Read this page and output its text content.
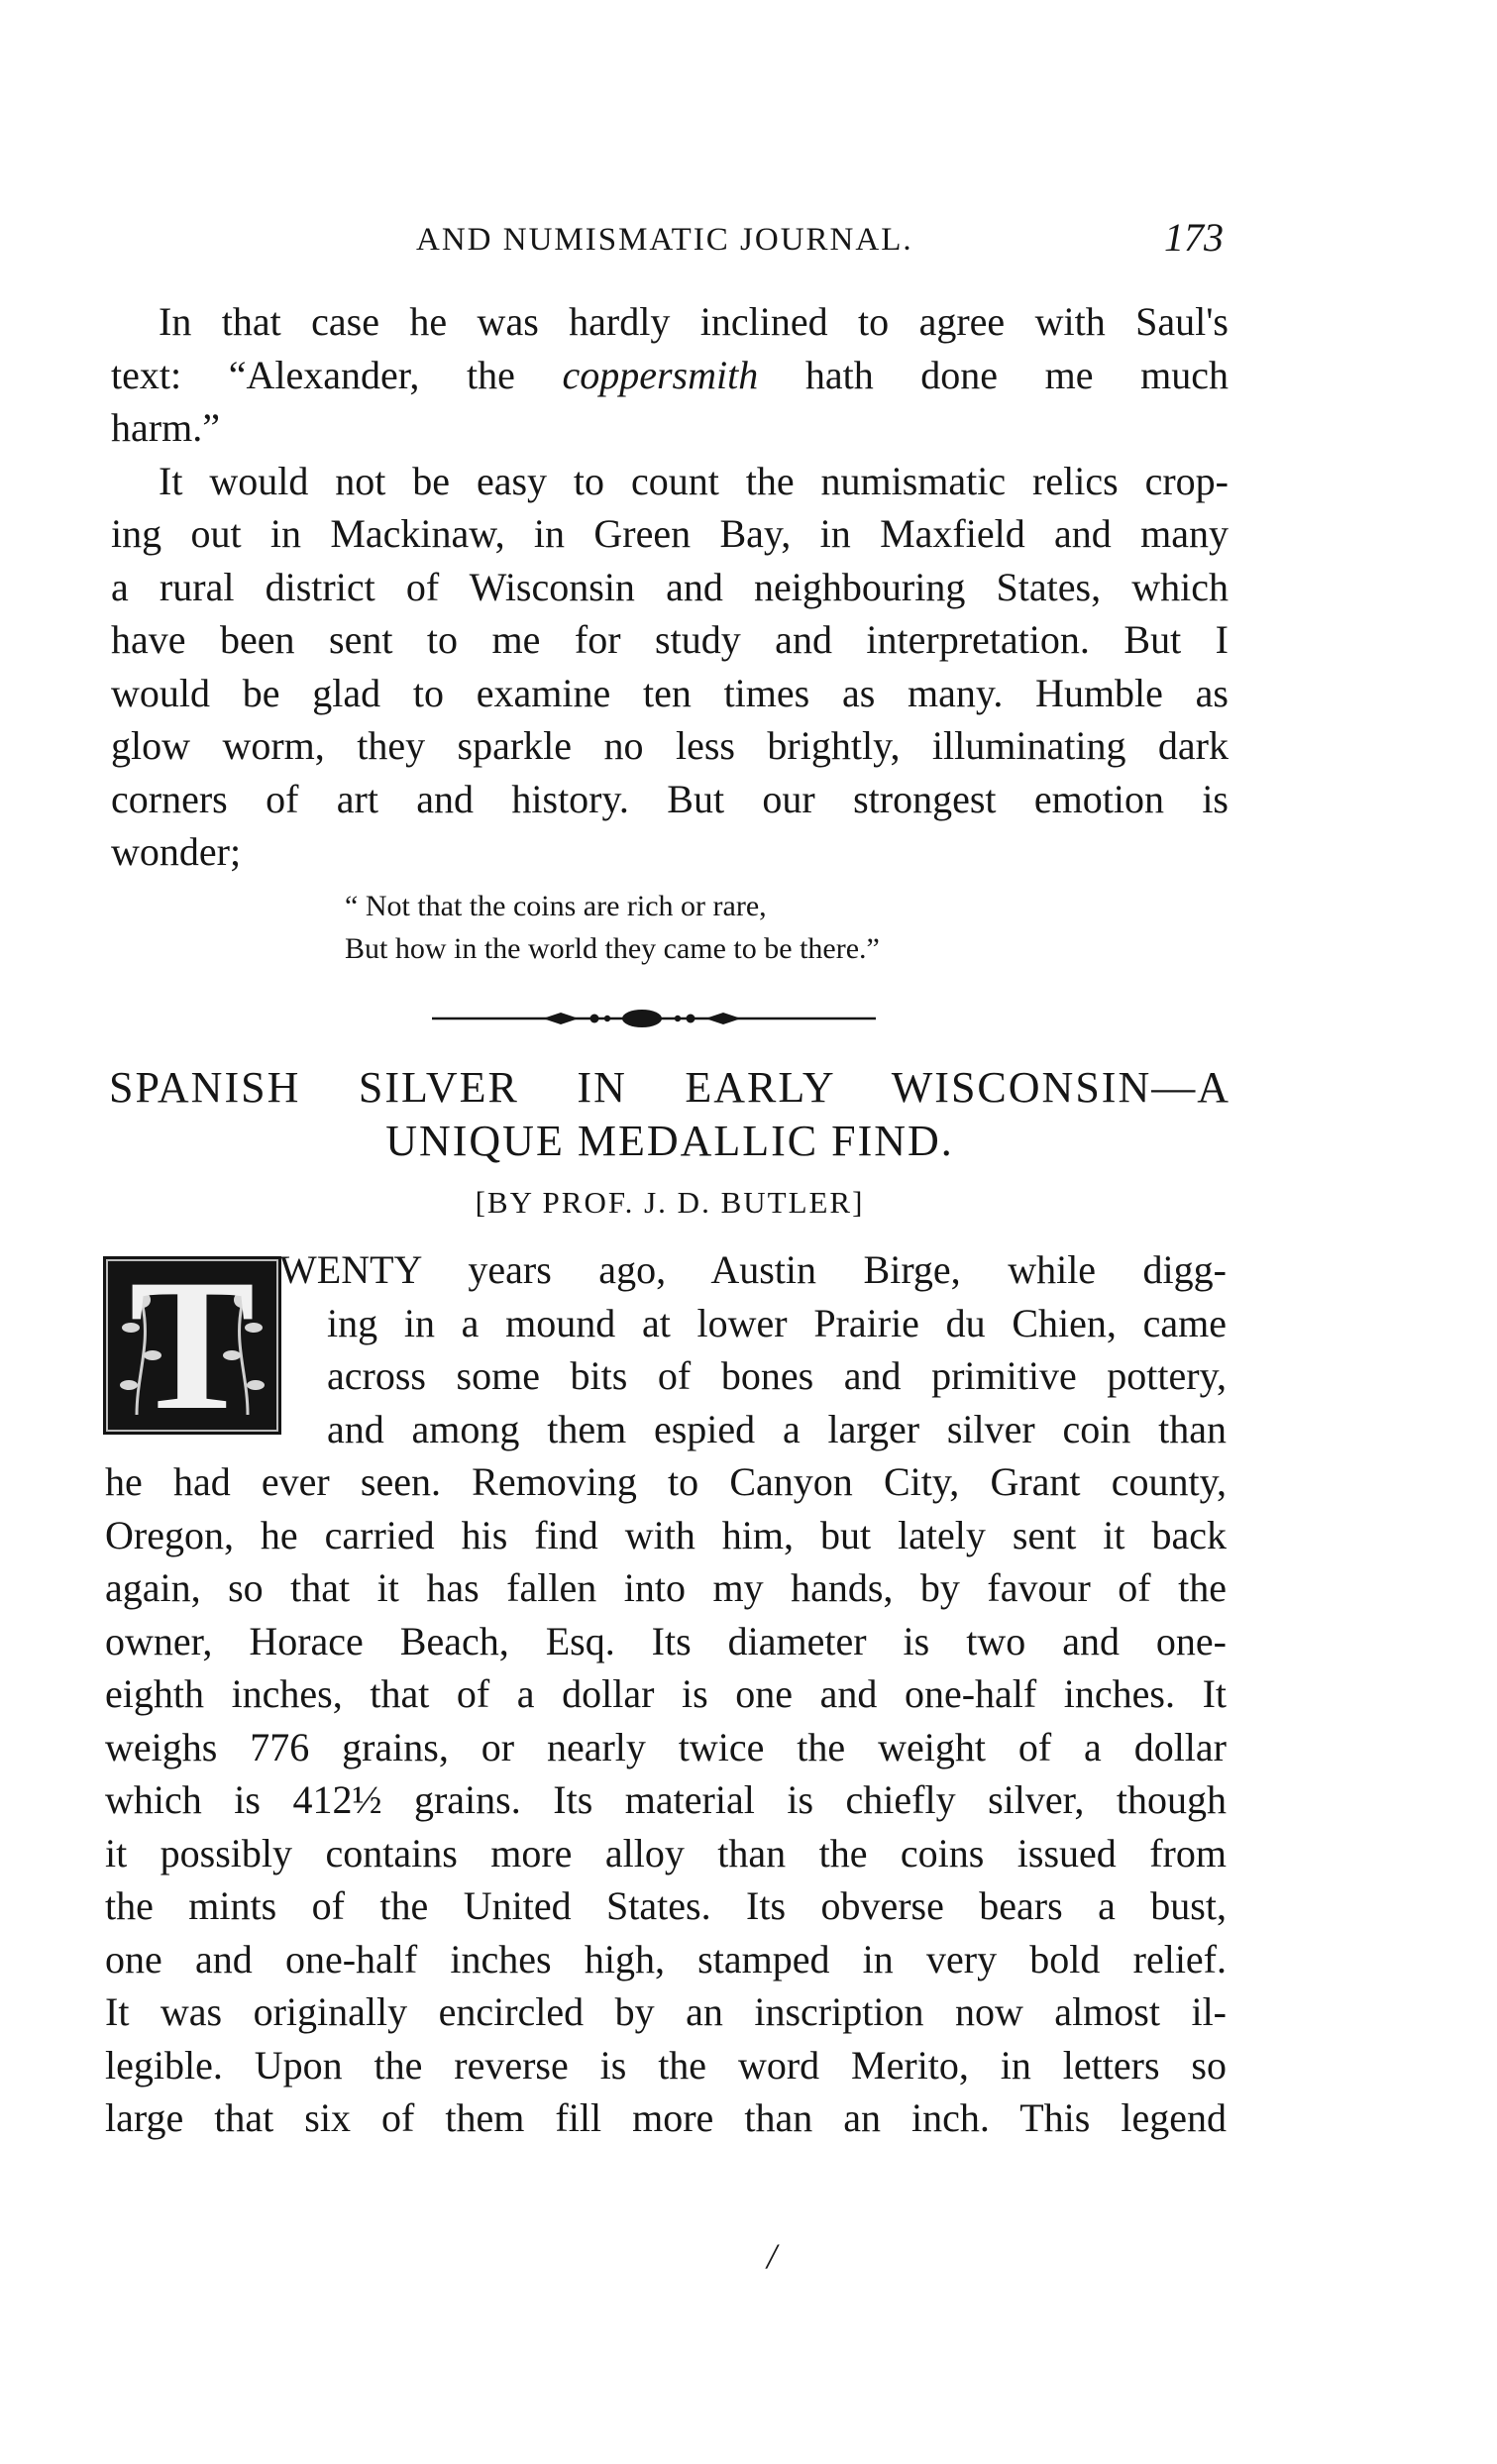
AND NUMISMATIC JOURNAL.	173
In that case he was hardly inclined to agree with Saul's
text: “Alexander, the coppersmith hath done me much
harm.”
It would not be easy to count the numismatic relics crop-
ing out in Mackinaw, in Green Bay, in Maxfield and many
a rural district of Wisconsin and neighbouring States, which
have been sent to me for study and interpretation. But I
would be glad to examine ten times as many. Humble as
glow worm, they sparkle no less brightly, illuminating dark
corners of art and history. But our strongest emotion is
wonder;
“ Not that the coins are rich or rare,
But how in the world they came to be there.”
SPANISH SILVER IN EARLY WISCONSIN—A
UNIQUE MEDALLIC FIND.
[BY PROF. J. D. BUTLER]
T WENTY years ago, Austin Birge, while digg-
ing in a mound at lower Prairie du Chien, came
across some bits of bones and primitive pottery,
and among them espied a larger silver coin than
he had ever seen. Removing to Canyon City, Grant county,
Oregon, he carried his find with him, but lately sent it back
again, so that it has fallen into my hands, by favour of the
owner, Horace Beach, Esq. Its diameter is two and one-
eighth inches, that of a dollar is one and one-half inches. It
weighs 776 grains, or nearly twice the weight of a dollar
which is 412½ grains. Its material is chiefly silver, though
it possibly contains more alloy than the coins issued from
the mints of the United States. Its obverse bears a bust,
one and one-half inches high, stamped in very bold relief.
It was originally encircled by an inscription now almost il-
legible. Upon the reverse is the word Merito, in letters so
large that six of them fill more than an inch. This legend
/
